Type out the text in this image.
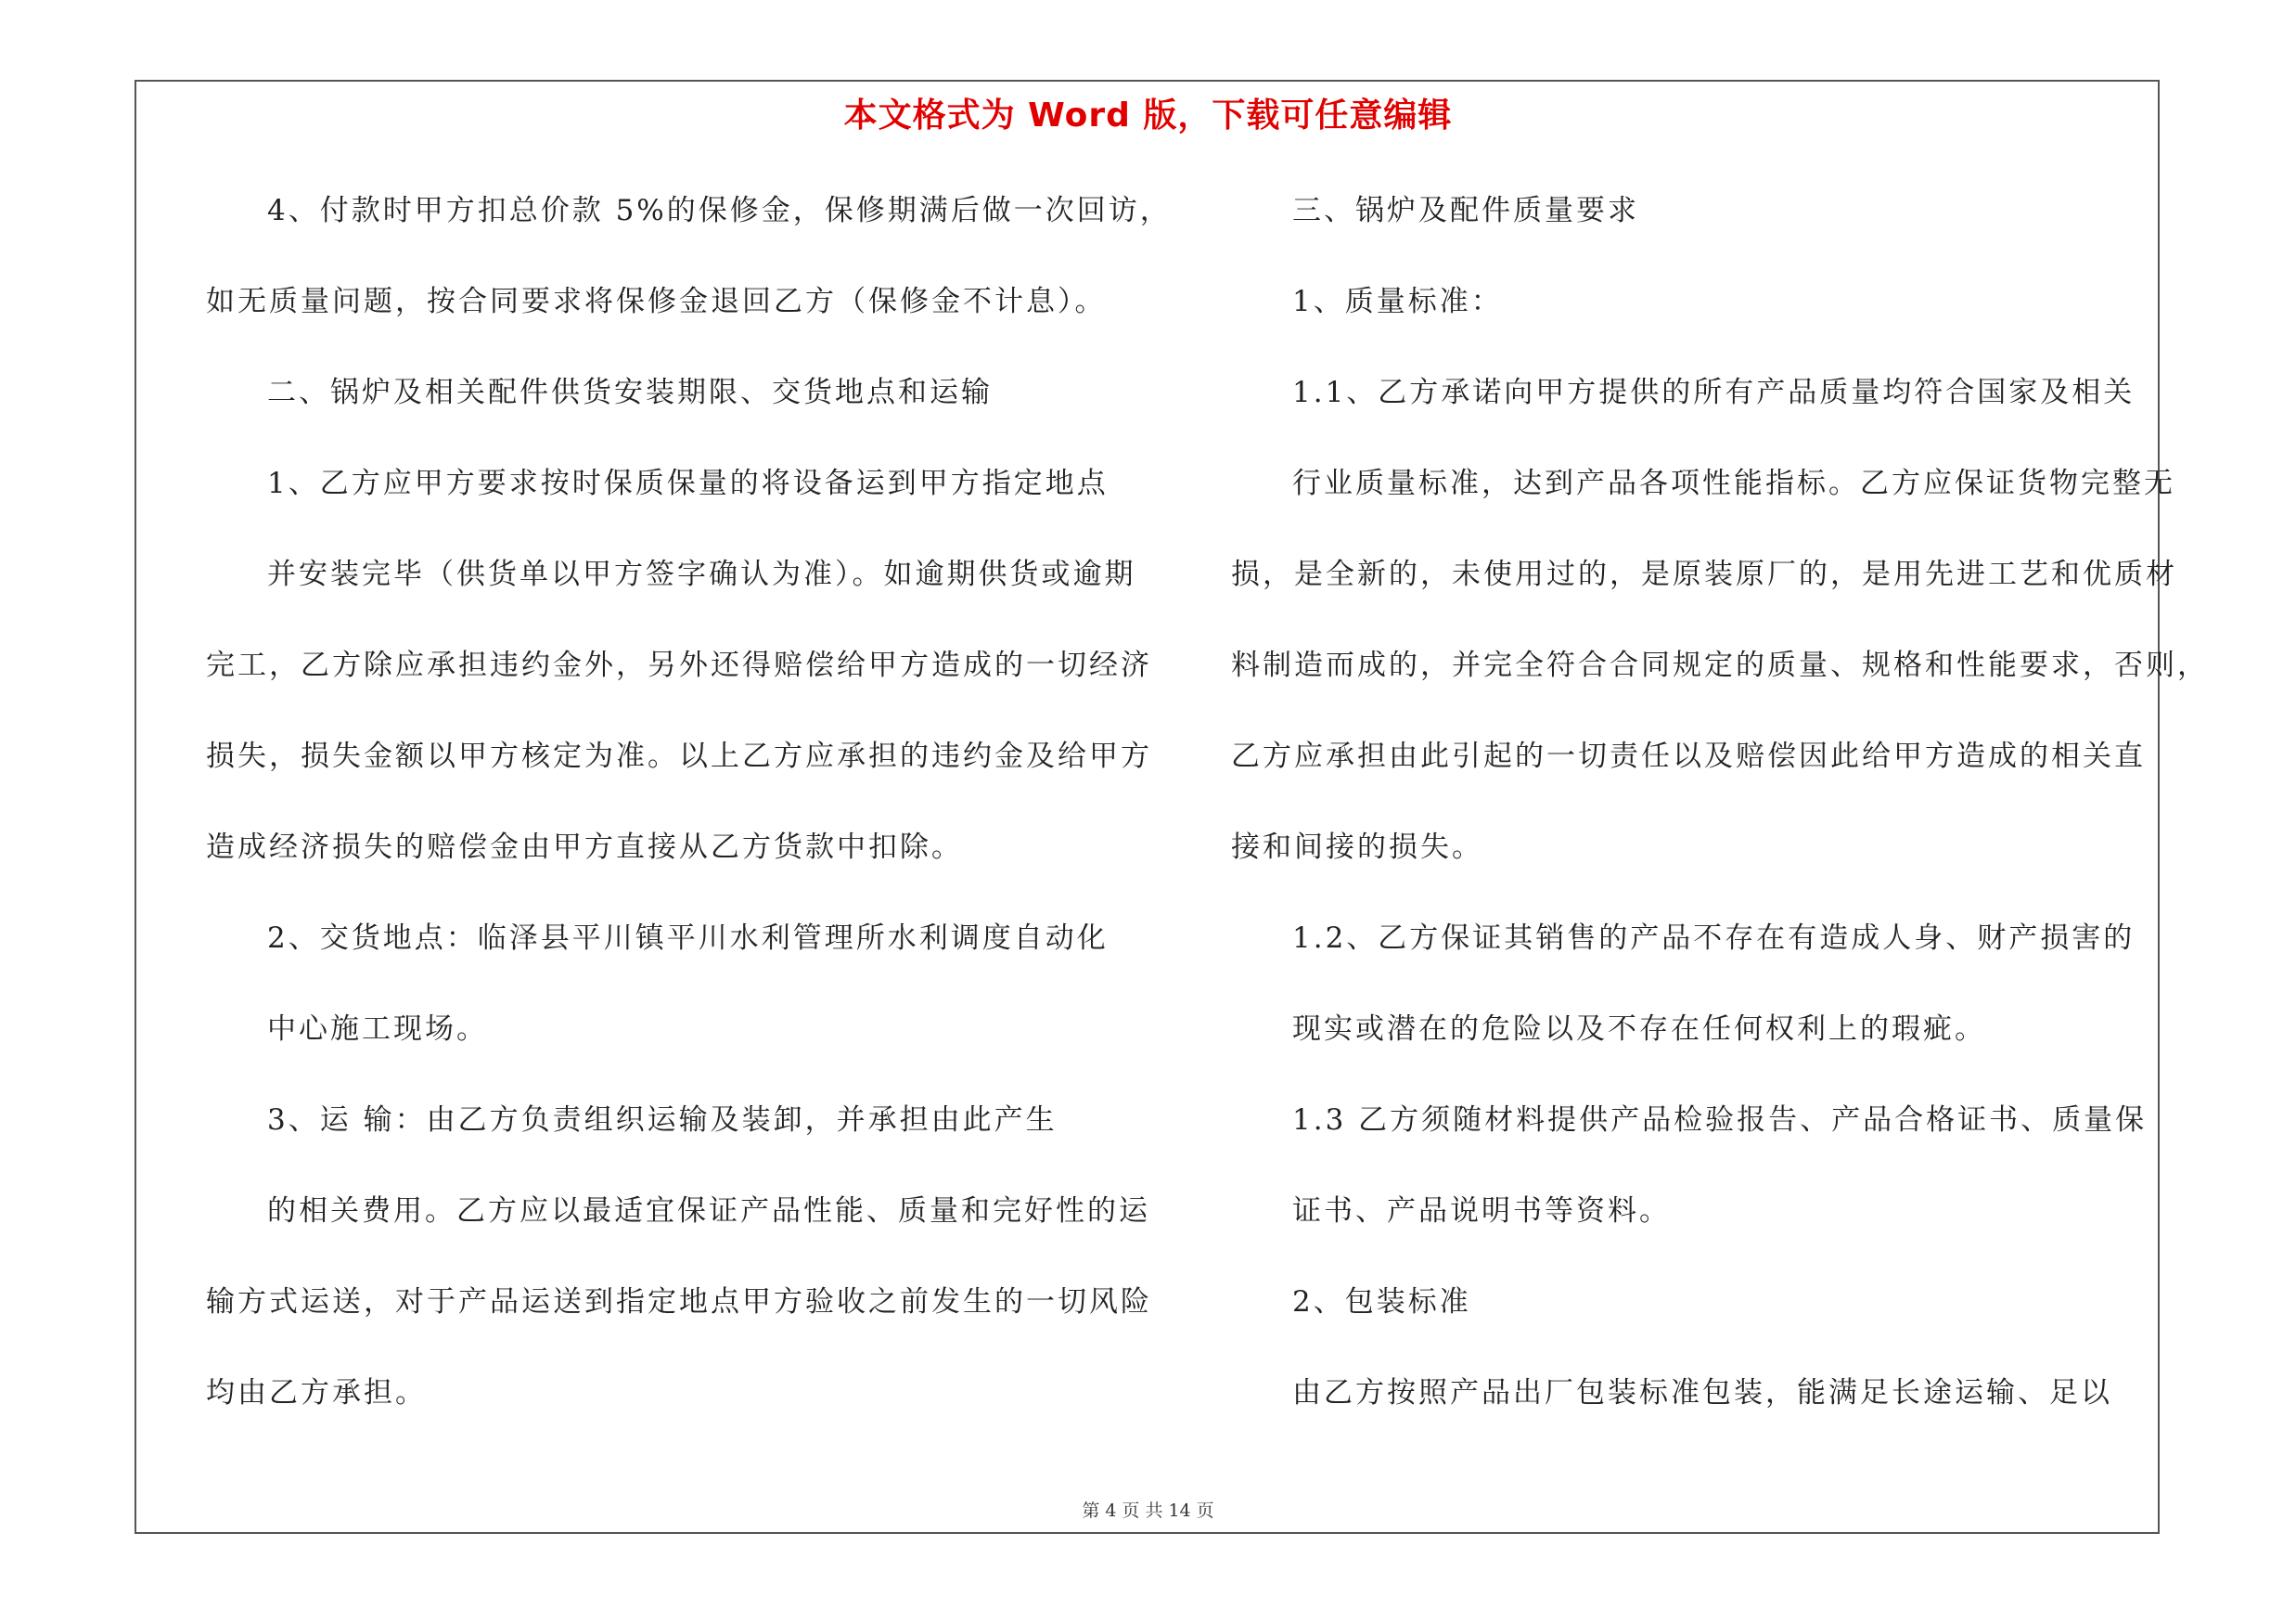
本文格式为 Word 版，下载可任意编辑
4、付款时甲方扣总价款 5%的保修金，保修期满后做一次回访，
如无质量问题，按合同要求将保修金退回乙方（保修金不计息）。
二、锅炉及相关配件供货安装期限、交货地点和运输
1、乙方应甲方要求按时保质保量的将设备运到甲方指定地点
并安装完毕（供货单以甲方签字确认为准）。如逾期供货或逾期
完工，乙方除应承担违约金外，另外还得赔偿给甲方造成的一切经济
损失，损失金额以甲方核定为准。以上乙方应承担的违约金及给甲方
造成经济损失的赔偿金由甲方直接从乙方货款中扣除。
2、交货地点：临泽县平川镇平川水利管理所水利调度自动化
中心施工现场。
3、运 输：由乙方负责组织运输及装卸，并承担由此产生
的相关费用。乙方应以最适宜保证产品性能、质量和完好性的运
输方式运送，对于产品运送到指定地点甲方验收之前发生的一切风险
均由乙方承担。
三、锅炉及配件质量要求
1、质量标准：
1.1、乙方承诺向甲方提供的所有产品质量均符合国家及相关
行业质量标准，达到产品各项性能指标。乙方应保证货物完整无
损，是全新的，未使用过的，是原装原厂的，是用先进工艺和优质材
料制造而成的，并完全符合合同规定的质量、规格和性能要求，否则，
乙方应承担由此引起的一切责任以及赔偿因此给甲方造成的相关直
接和间接的损失。
1.2、乙方保证其销售的产品不存在有造成人身、财产损害的
现实或潜在的危险以及不存在任何权利上的瑕疵。
1.3 乙方须随材料提供产品检验报告、产品合格证书、质量保
证书、产品说明书等资料。
2、包装标准
由乙方按照产品出厂包装标准包装，能满足长途运输、足以
第 4 页 共 14 页
